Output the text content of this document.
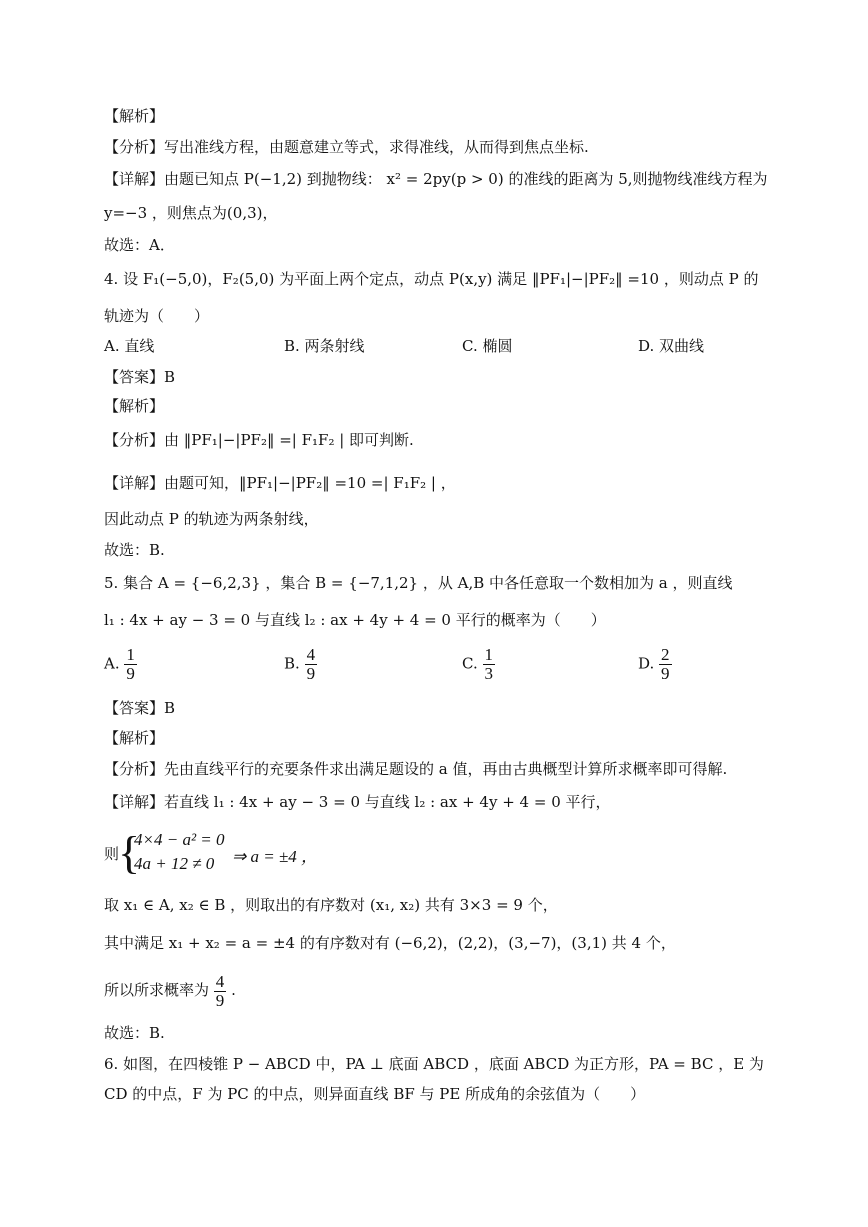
【解析】
【分析】写出准线方程，由题意建立等式，求得准线，从而得到焦点坐标.
【详解】由题已知点 P(−1,2) 到抛物线： x² = 2py(p > 0) 的准线的距离为 5,则抛物线准线方程为
y=−3 ，则焦点为(0,3)，
故选：A．
4. 设 F₁(−5,0)，F₂(5,0) 为平面上两个定点，动点 P(x,y) 满足 ‖PF₁|−|PF₂‖ =10 ，则动点 P 的
轨迹为（　　）
A. 直线	B. 两条射线	C. 椭圆	D. 双曲线
【答案】B
【解析】
【分析】由 ‖PF₁|−|PF₂‖ =| F₁F₂ | 即可判断.
【详解】由题可知，‖PF₁|−|PF₂‖ =10 =| F₁F₂ | ，
因此动点 P 的轨迹为两条射线，
故选：B.
5. 集合 A = {−6,2,3} ，集合 B = {−7,1,2} ，从 A,B 中各任意取一个数相加为 a ，则直线
l₁ : 4x + ay − 3 = 0 与直线 l₂ : ax + 4y + 4 = 0 平行的概率为（　　）
A. $\frac{1}{9}$	B. $\frac{4}{9}$	C. $\frac{1}{3}$	D. $\frac{2}{9}$
【答案】B
【解析】
【分析】先由直线平行的充要条件求出满足题设的 a 值，再由古典概型计算所求概率即可得解.
【详解】若直线 l₁ : 4x + ay − 3 = 0 与直线 l₂ : ax + 4y + 4 = 0 平行，
则
{
4×4 − a² = 0
4a + 12 ≠ 0 ⇒ a = ±4 ，
取 x₁ ∈ A, x₂ ∈ B ，则取出的有序数对 (x₁, x₂) 共有 3×3 = 9 个，
其中满足 x₁ + x₂ = a = ±4 的有序数对有 (−6,2)，(2,2)，(3,−7)，(3,1) 共 4 个，
所以所求概率为 $\frac{4}{9}$ .
故选：B.
6. 如图，在四棱锥 P − ABCD 中，PA ⊥ 底面 ABCD ，底面 ABCD 为正方形，PA = BC ，E 为
CD 的中点，F 为 PC 的中点，则异面直线 BF 与 PE 所成角的余弦值为（　　）
